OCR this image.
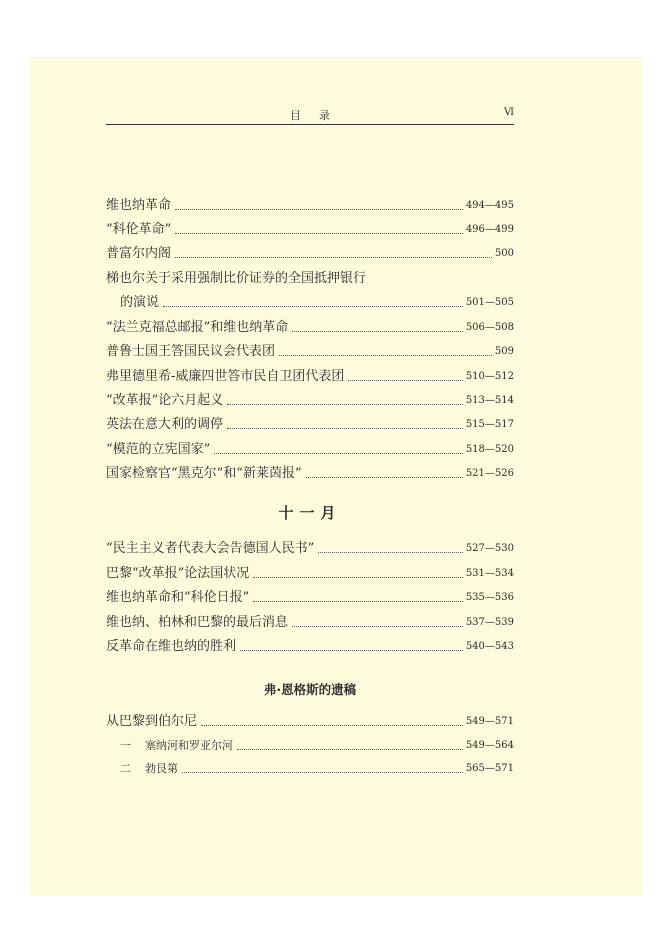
目录	Ⅵ
维也纳革命	494—495
“科伦革命”	496—499
普富尔内阁	500
梯也尔关于采用强制比价证券的全国抵押银行
的演说	501—505
“法兰克福总邮报”和维也纳革命	506—508
普鲁士国王答国民议会代表团	509
弗里德里希-威廉四世答市民自卫团代表团	510—512
“改革报”论六月起义	513—514
英法在意大利的调停	515—517
“模范的立宪国家”	518—520
国家检察官“黑克尔”和“新莱茵报”	521—526
十一月
“民主主义者代表大会告德国人民书”	527—530
巴黎“改革报”论法国状况	531—534
维也纳革命和“科伦日报”	535—536
维也纳、柏林和巴黎的最后消息	537—539
反革命在维也纳的胜利	540—543
弗·恩格斯的遗稿
从巴黎到伯尔尼	549—571
一 塞纳河和罗亚尔河	549—564
二 勃艮第	565—571
